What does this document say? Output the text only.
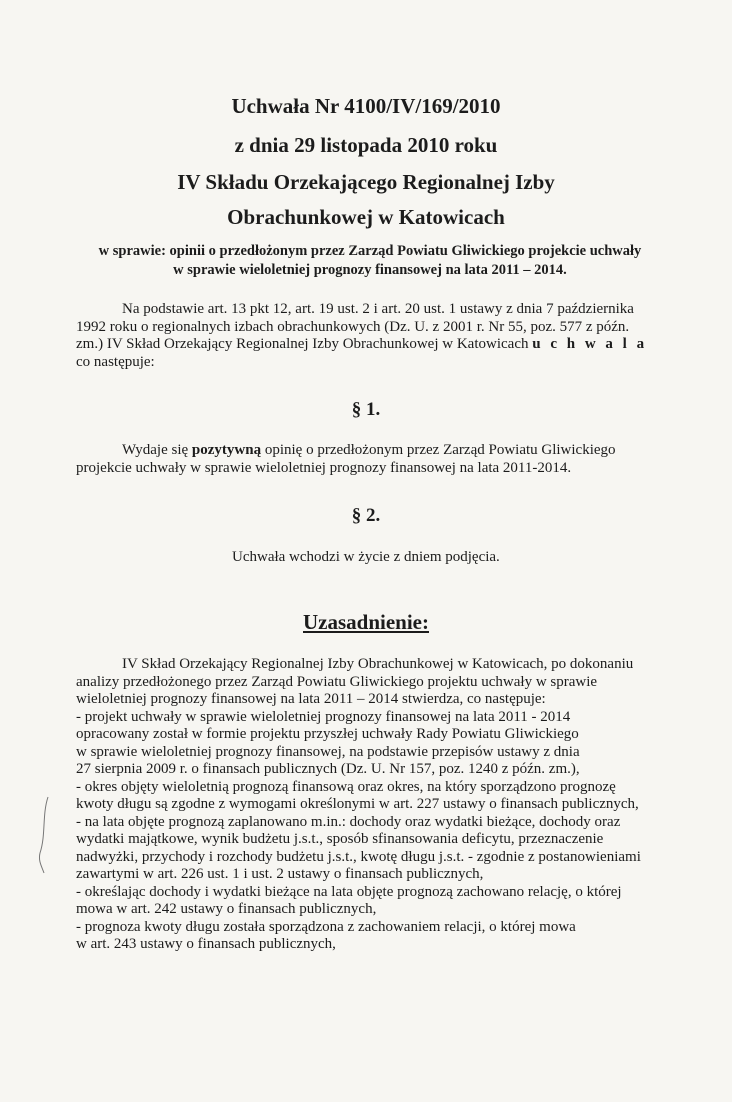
Uchwała Nr 4100/IV/169/2010
z dnia 29 listopada 2010 roku
IV Składu Orzekającego Regionalnej Izby
Obrachunkowej w Katowicach
w sprawie: opinii o przedłożonym przez Zarząd Powiatu Gliwickiego projekcie uchwały
w sprawie wieloletniej prognozy finansowej na lata 2011 – 2014.
Na podstawie art. 13 pkt 12, art. 19 ust. 2 i art. 20 ust. 1 ustawy z dnia 7 października
1992 roku o regionalnych izbach obrachunkowych (Dz. U. z 2001 r. Nr 55, poz. 577 z późn.
zm.) IV Skład Orzekający Regionalnej Izby Obrachunkowej w Katowicach u c h w a l a
co następuje:
§ 1.
Wydaje się pozytywną opinię o przedłożonym przez Zarząd Powiatu Gliwickiego
projekcie uchwały w sprawie wieloletniej prognozy finansowej na lata 2011-2014.
§ 2.
Uchwała wchodzi w życie z dniem podjęcia.
Uzasadnienie:
IV Skład Orzekający Regionalnej Izby Obrachunkowej w Katowicach, po dokonaniu
analizy przedłożonego przez Zarząd Powiatu Gliwickiego projektu uchwały w sprawie
wieloletniej prognozy finansowej na lata 2011 – 2014 stwierdza, co następuje:
- projekt uchwały w sprawie wieloletniej prognozy finansowej na lata 2011 - 2014
opracowany został w formie projektu przyszłej uchwały Rady Powiatu Gliwickiego
w sprawie wieloletniej prognozy finansowej, na podstawie przepisów ustawy z dnia
27 sierpnia 2009 r. o finansach publicznych (Dz. U. Nr 157, poz. 1240 z późn. zm.),
- okres objęty wieloletnią prognozą finansową oraz okres, na który sporządzono prognozę
kwoty długu są zgodne z wymogami określonymi w art. 227 ustawy o finansach publicznych,
- na lata objęte prognozą zaplanowano m.in.: dochody oraz wydatki bieżące, dochody oraz
wydatki majątkowe, wynik budżetu j.s.t., sposób sfinansowania deficytu, przeznaczenie
nadwyżki, przychody i rozchody budżetu j.s.t., kwotę długu j.s.t. - zgodnie z postanowieniami
zawartymi w art. 226 ust. 1 i ust. 2 ustawy o finansach publicznych,
- określając dochody i wydatki bieżące na lata objęte prognozą zachowano relację, o której
mowa w art. 242 ustawy o finansach publicznych,
- prognoza kwoty długu została sporządzona z zachowaniem relacji, o której mowa
w art. 243 ustawy o finansach publicznych,
